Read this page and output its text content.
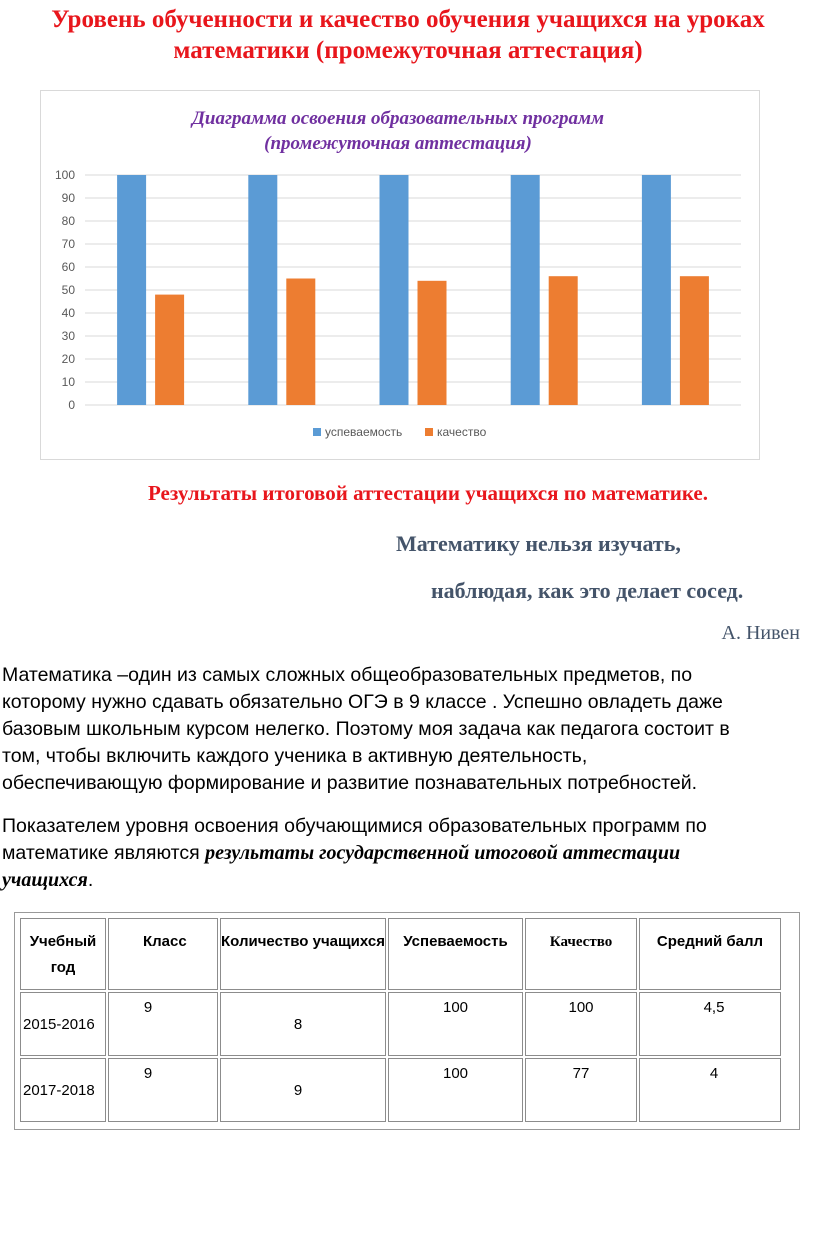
Уровень обученности и качество обучения учащихся на уроках
математики (промежуточная аттестация)
Диаграмма освоения образовательных программ
(промежуточная аттестация)
0
10
20
30
40
50
60
70
80
90
100
успеваемость	качество
Результаты итоговой аттестации учащихся по математике.
Математику нельзя изучать,
наблюдая, как это делает сосед.
А. Нивен
Математика –один из самых сложных общеобразовательных предметов, по
которому нужно сдавать обязательно ОГЭ в 9 классе . Успешно овладеть даже
базовым школьным курсом нелегко. Поэтому моя задача как педагога состоит в
том, чтобы включить каждого ученика в активную деятельность,
обеспечивающую формирование и развитие познавательных потребностей.
Показателем уровня освоения обучающимися образовательных программ по
математике являются результаты государственной итоговой аттестации
учащихся.
Учебный год	Класс	Количество учащихся	Успеваемость	Качество	Средний балл
2015-2016	9	8	100	100	4,5
2017-2018	9	9	100	77	4
